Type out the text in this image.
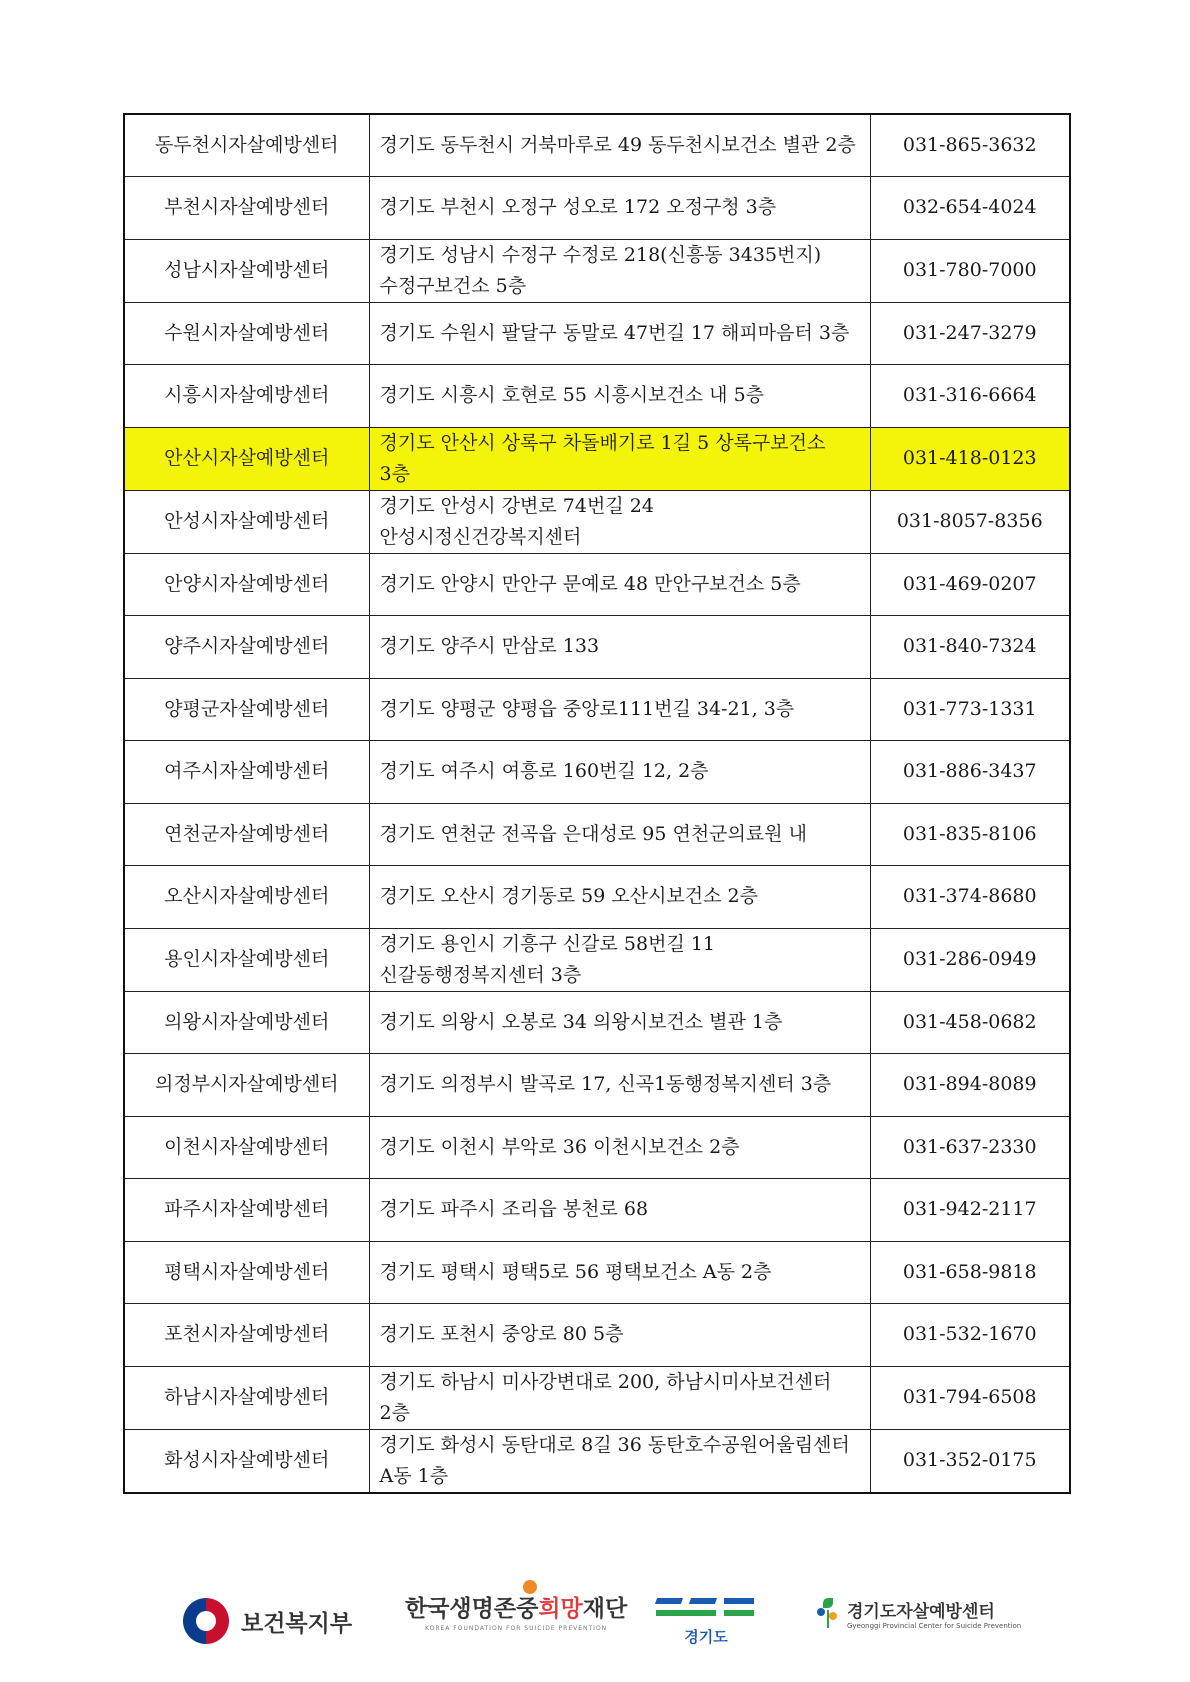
동두천시자살예방센터	경기도 동두천시 거북마루로 49 동두천시보건소 별관 2층	031-865-3632
부천시자살예방센터	경기도 부천시 오정구 성오로 172 오정구청 3층	032-654-4024
성남시자살예방센터	경기도 성남시 수정구 수정로 218(신흥동 3435번지) 수정구보건소 5층	031-780-7000
수원시자살예방센터	경기도 수원시 팔달구 동말로 47번길 17 해피마음터 3층	031-247-3279
시흥시자살예방센터	경기도 시흥시 호현로 55 시흥시보건소 내 5층	031-316-6664
안산시자살예방센터	경기도 안산시 상록구 차돌배기로 1길 5 상록구보건소 3층	031-418-0123
안성시자살예방센터	경기도 안성시 강변로 74번길 24 안성시정신건강복지센터	031-8057-8356
안양시자살예방센터	경기도 안양시 만안구 문예로 48 만안구보건소 5층	031-469-0207
양주시자살예방센터	경기도 양주시 만삼로 133	031-840-7324
양평군자살예방센터	경기도 양평군 양평읍 중앙로111번길 34-21, 3층	031-773-1331
여주시자살예방센터	경기도 여주시 여흥로 160번길 12, 2층	031-886-3437
연천군자살예방센터	경기도 연천군 전곡읍 은대성로 95 연천군의료원 내	031-835-8106
오산시자살예방센터	경기도 오산시 경기동로 59 오산시보건소 2층	031-374-8680
용인시자살예방센터	경기도 용인시 기흥구 신갈로 58번길 11 신갈동행정복지센터 3층	031-286-0949
의왕시자살예방센터	경기도 의왕시 오봉로 34 의왕시보건소 별관 1층	031-458-0682
의정부시자살예방센터	경기도 의정부시 발곡로 17, 신곡1동행정복지센터 3층	031-894-8089
이천시자살예방센터	경기도 이천시 부악로 36 이천시보건소 2층	031-637-2330
파주시자살예방센터	경기도 파주시 조리읍 봉천로 68	031-942-2117
평택시자살예방센터	경기도 평택시 평택5로 56 평택보건소 A동 2층	031-658-9818
포천시자살예방센터	경기도 포천시 중앙로 80 5층	031-532-1670
하남시자살예방센터	경기도 하남시 미사강변대로 200, 하남시미사보건센터 2층	031-794-6508
화성시자살예방센터	경기도 화성시 동탄대로 8길 36 동탄호수공원어울림센터 A동 1층	031-352-0175
보건복지부
한국생명존중희망재단
KOREA FOUNDATION FOR SUICIDE PREVENTION	경기도
경기도자살예방센터
Gyeonggi Provincial Center for Suicide Prevention
